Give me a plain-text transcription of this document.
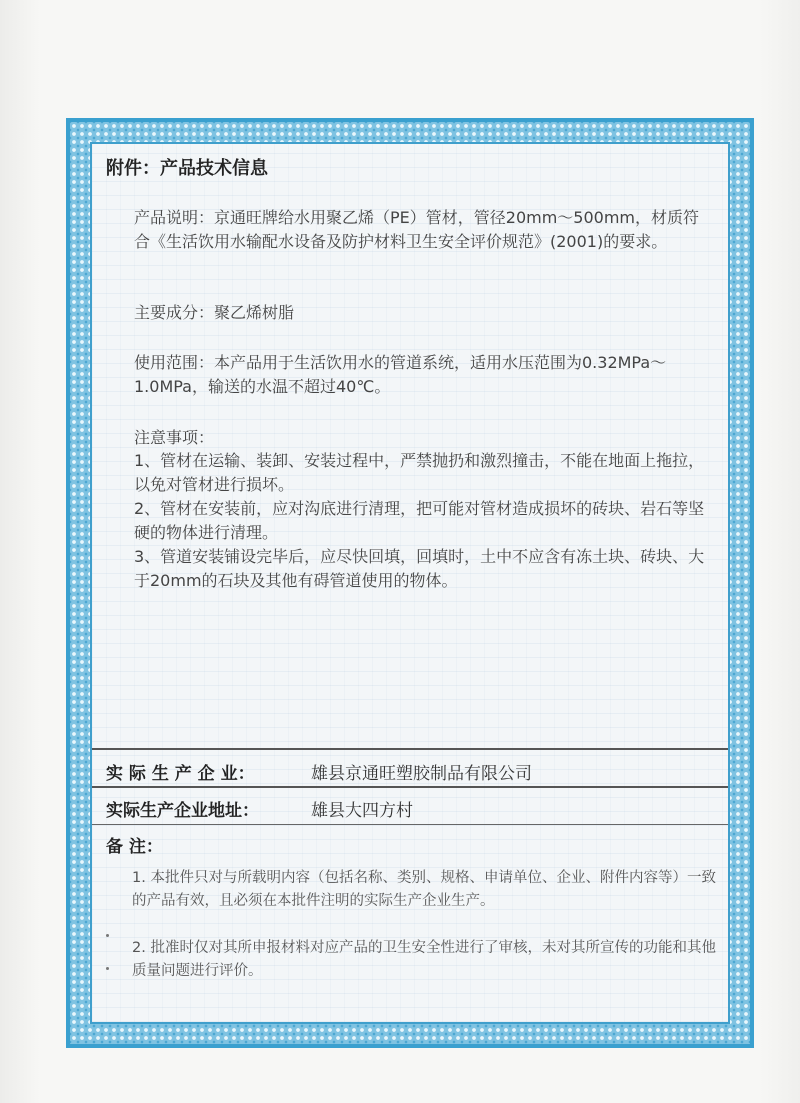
附件：产品技术信息

产品说明：京通旺牌给水用聚乙烯（PE）管材，管径20mm～500mm，材质符合《生活饮用水输配水设备及防护材料卫生安全评价规范》(2001)的要求。

主要成分：聚乙烯树脂

使用范围：本产品用于生活饮用水的管道系统，适用水压范围为0.32MPa～1.0MPa，输送的水温不超过40℃。

注意事项：

1、管材在运输、装卸、安装过程中，严禁抛扔和激烈撞击，不能在地面上拖拉，以免对管材进行损坏。

2、管材在安装前，应对沟底进行清理，把可能对管材造成损坏的砖块、岩石等坚硬的物体进行清理。

3、管道安装铺设完毕后，应尽快回填，回填时，土中不应含有冻土块、砖块、大于20mm的石块及其他有碍管道使用的物体。

实 际 生 产 企 业：	雄县京通旺塑胶制品有限公司
实际生产企业地址：	雄县大四方村
备 注：

1. 本批件只对与所载明内容（包括名称、类别、规格、申请单位、企业、附件内容等）一致的产品有效，且必须在本批件注明的实际生产企业生产。

2. 批准时仅对其所申报材料对应产品的卫生安全性进行了审核，未对其所宣传的功能和其他质量问题进行评价。
